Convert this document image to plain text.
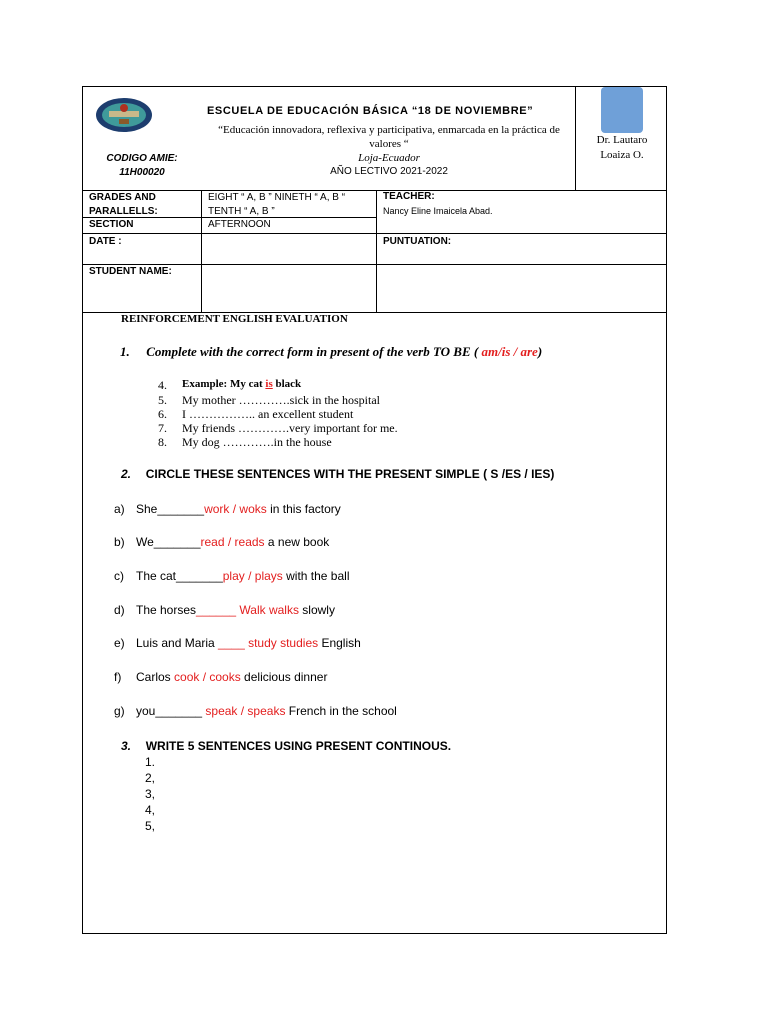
CODIGO AMIE:
11H00020
ESCUELA DE EDUCACIÓN BÁSICA “18 DE NOVIEMBRE”
“Educación innovadora, reflexiva y participativa, enmarcada en la práctica de
valores “
Loja-Ecuador
AÑO LECTIVO 2021-2022
Dr. Lautaro
Loaiza O.
GRADES AND
PARALLELLS:
EIGHT “ A, B ” NINETH “ A, B “
TENTH “ A, B ”
TEACHER:
Nancy Eline Imaicela Abad.
SECTION	AFTERNOON
DATE :	PUNTUATION:
STUDENT NAME:
REINFORCEMENT ENGLISH EVALUATION
1. Complete with the correct form in present of the verb TO BE ( am/is / are)
4. Example: My cat is black
5. My mother ………….sick in the hospital
6. I …………….. an excellent student
7. My friends ………….very important for me.
8. My dog ………….in the house
2. CIRCLE THESE SENTENCES WITH THE PRESENT SIMPLE ( S /ES / IES)
a) She_______work / woks in this factory
b) We_______read / reads a new book
c) The cat_______play / plays with the ball
d) The horses______ Walk walks slowly
e) Luis and Maria ____ study studies English
f) Carlos cook / cooks delicious dinner
g) you_______ speak / speaks French in the school
3. WRITE 5 SENTENCES USING PRESENT CONTINOUS.
1.
2,
3,
4,
5,
